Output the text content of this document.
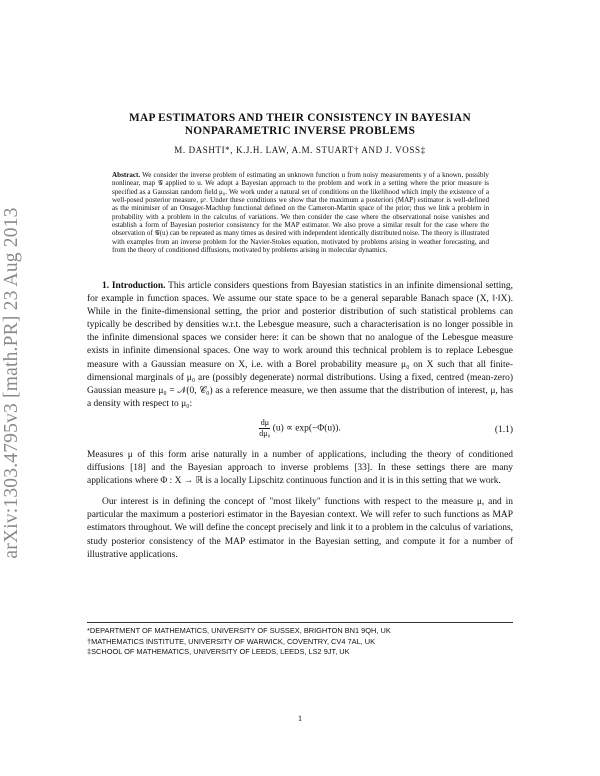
arXiv:1303.4795v3 [math.PR] 23 Aug 2013
MAP ESTIMATORS AND THEIR CONSISTENCY IN BAYESIAN
NONPARAMETRIC INVERSE PROBLEMS
M. DASHTI*, K.J.H. LAW, A.M. STUART† AND J. VOSS‡
Abstract. We consider the inverse problem of estimating an unknown function u from noisy measurements y of a known, possibly nonlinear, map 𝒢 applied to u. We adopt a Bayesian approach to the problem and work in a setting where the prior measure is specified as a Gaussian random field μ₀. We work under a natural set of conditions on the likelihood which imply the existence of a well-posed posterior measure, μʸ. Under these conditions we show that the maximum a posteriori (MAP) estimator is well-defined as the minimiser of an Onsager-Machlup functional defined on the Cameron-Martin space of the prior; thus we link a problem in probability with a problem in the calculus of variations. We then consider the case where the observational noise vanishes and establish a form of Bayesian posterior consistency for the MAP estimator. We also prove a similar result for the case where the observation of 𝒢(u) can be repeated as many times as desired with independent identically distributed noise. The theory is illustrated with examples from an inverse problem for the Navier-Stokes equation, motivated by problems arising in weather forecasting, and from the theory of conditioned diffusions, motivated by problems arising in molecular dynamics.

1. Introduction. This article considers questions from Bayesian statistics in an infinite dimensional setting, for example in function spaces. We assume our state space to be a general separable Banach space (X, ‖·‖X). While in the finite-dimensional setting, the prior and posterior distribution of such statistical problems can typically be described by densities w.r.t. the Lebesgue measure, such a characterisation is no longer possible in the infinite dimensional spaces we consider here: it can be shown that no analogue of the Lebesgue measure exists in infinite dimensional spaces. One way to work around this technical problem is to replace Lebesgue measure with a Gaussian measure on X, i.e. with a Borel probability measure μ₀ on X such that all finite-dimensional marginals of μ₀ are (possibly degenerate) normal distributions. Using a fixed, centred (mean-zero) Gaussian measure μ₀ = 𝒩(0, 𝒞₀) as a reference measure, we then assume that the distribution of interest, μ, has a density with respect to μ₀:

$\frac{d\mu}{\text{dμ₀}} (u) \propto \exp(-\Phi(u))$.	(1.1)

Measures μ of this form arise naturally in a number of applications, including the theory of conditioned diffusions [18] and the Bayesian approach to inverse problems [33]. In these settings there are many applications where Φ : X → ℝ is a locally Lipschitz continuous function and it is in this setting that we work.

Our interest is in defining the concept of "most likely" functions with respect to the measure μ, and in particular the maximum a posteriori estimator in the Bayesian context. We will refer to such functions as MAP estimators throughout. We will define the concept precisely and link it to a problem in the calculus of variations, study posterior consistency of the MAP estimator in the Bayesian setting, and compute it for a number of illustrative applications.

*DEPARTMENT OF MATHEMATICS, UNIVERSITY OF SUSSEX, BRIGHTON BN1 9QH, UK
†MATHEMATICS INSTITUTE, UNIVERSITY OF WARWICK, COVENTRY, CV4 7AL, UK
‡SCHOOL OF MATHEMATICS, UNIVERSITY OF LEEDS, LEEDS, LS2 9JT, UK
1
